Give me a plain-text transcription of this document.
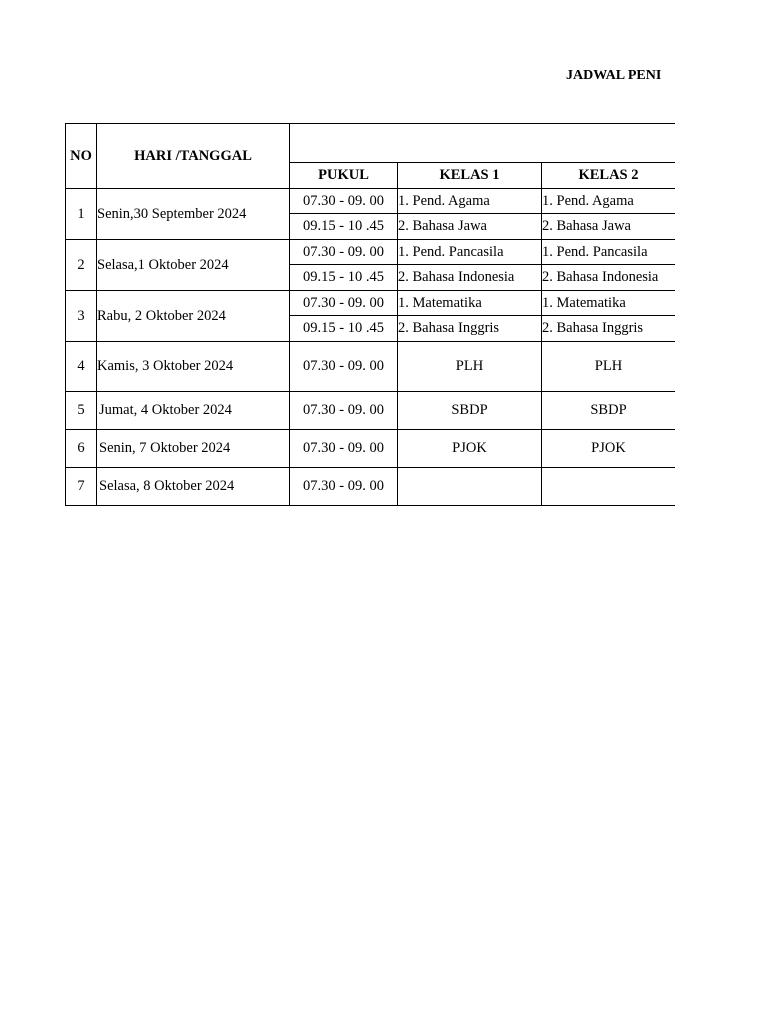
JADWAL PENI
NO	HARI /TANGGAL				
		PUKUL	KELAS 1	KELAS 2	
1	Senin,30 September 2024	07.30 - 09. 00	1. Pend. Agama	1. Pend. Agama	
		09.15 - 10 .45	2. Bahasa Jawa	2. Bahasa Jawa	
2	Selasa,1 Oktober 2024	07.30 - 09. 00	1. Pend. Pancasila	1. Pend. Pancasila	
		09.15 - 10 .45	2. Bahasa Indonesia	2. Bahasa Indonesia	
3	Rabu, 2 Oktober 2024	07.30 - 09. 00	1. Matematika	1. Matematika	
		09.15 - 10 .45	2. Bahasa Inggris	2. Bahasa Inggris	
4	Kamis, 3 Oktober 2024	07.30 - 09. 00	PLH	PLH	
5	Jumat, 4 Oktober 2024	07.30 - 09. 00	SBDP	SBDP	
6	Senin, 7 Oktober 2024	07.30 - 09. 00	PJOK	PJOK	
7	Selasa, 8 Oktober 2024	07.30 - 09. 00			
